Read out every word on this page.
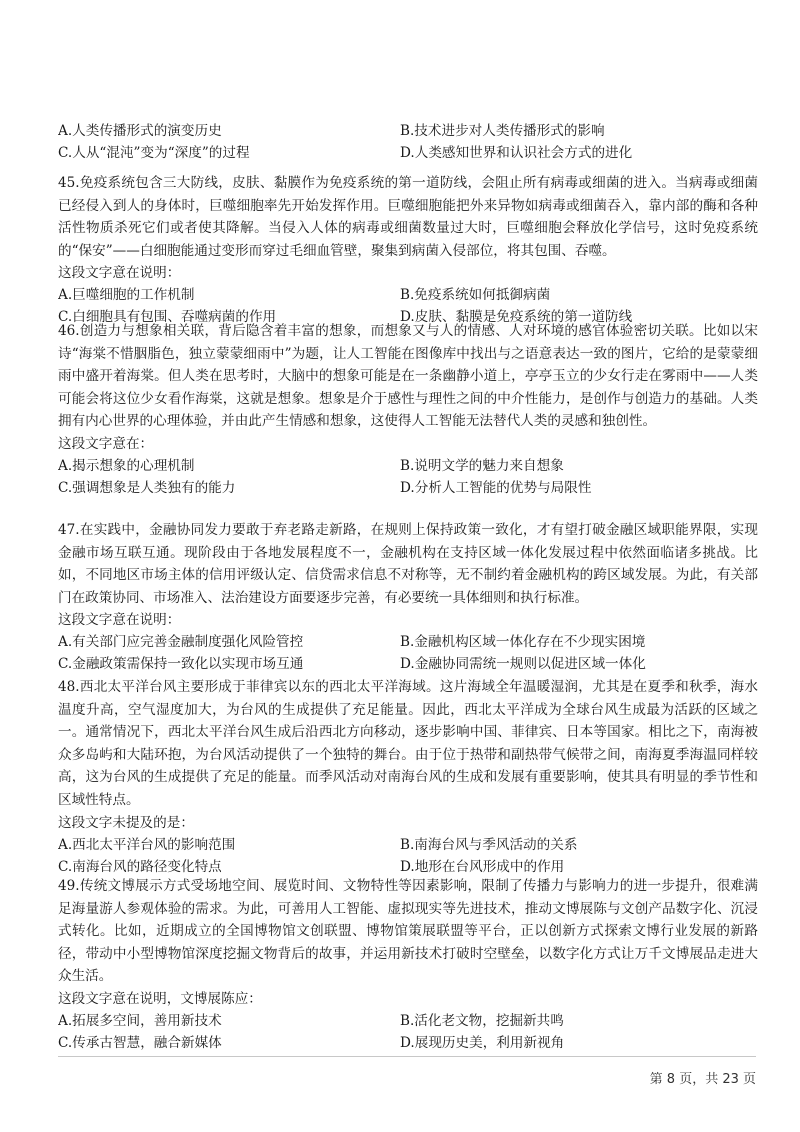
A.人类传播形式的演变历史	B.技术进步对人类传播形式的影响
C.人从“混沌”变为“深度”的过程	D.人类感知世界和认识社会方式的进化

45.免疫系统包含三大防线，皮肤、黏膜作为免疫系统的第一道防线，会阻止所有病毒或细菌的进入。当病毒或细菌已经侵入到人的身体时，巨噬细胞率先开始发挥作用。巨噬细胞能把外来异物如病毒或细菌吞入，靠内部的酶和各种活性物质杀死它们或者使其降解。当侵入人体的病毒或细菌数量过大时，巨噬细胞会释放化学信号，这时免疫系统的“保安”——白细胞能通过变形而穿过毛细血管壁，聚集到病菌入侵部位，将其包围、吞噬。

这段文字意在说明：
A.巨噬细胞的工作机制	B.免疫系统如何抵御病菌
C.白细胞具有包围、吞噬病菌的作用	D.皮肤、黏膜是免疫系统的第一道防线

46.创造力与想象相关联，背后隐含着丰富的想象，而想象又与人的情感、人对环境的感官体验密切关联。比如以宋诗“海棠不惜胭脂色，独立蒙蒙细雨中”为题，让人工智能在图像库中找出与之语意表达一致的图片，它给的是蒙蒙细雨中盛开着海棠。但人类在思考时，大脑中的想象可能是在一条幽静小道上，亭亭玉立的少女行走在雾雨中——人类可能会将这位少女看作海棠，这就是想象。想象是介于感性与理性之间的中介性能力，是创作与创造力的基础。人类拥有内心世界的心理体验，并由此产生情感和想象，这使得人工智能无法替代人类的灵感和独创性。

这段文字意在：
A.揭示想象的心理机制	B.说明文学的魅力来自想象
C.强调想象是人类独有的能力	D.分析人工智能的优势与局限性

47.在实践中，金融协同发力要敢于弃老路走新路，在规则上保持政策一致化，才有望打破金融区域职能界限，实现金融市场互联互通。现阶段由于各地发展程度不一，金融机构在支持区域一体化发展过程中依然面临诸多挑战。比如，不同地区市场主体的信用评级认定、信贷需求信息不对称等，无不制约着金融机构的跨区域发展。为此，有关部门在政策协同、市场准入、法治建设方面要逐步完善，有必要统一具体细则和执行标准。

这段文字意在说明：
A.有关部门应完善金融制度强化风险管控	B.金融机构区域一体化存在不少现实困境
C.金融政策需保持一致化以实现市场互通	D.金融协同需统一规则以促进区域一体化

48.西北太平洋台风主要形成于菲律宾以东的西北太平洋海域。这片海域全年温暖湿润，尤其是在夏季和秋季，海水温度升高，空气湿度加大，为台风的生成提供了充足能量。因此，西北太平洋成为全球台风生成最为活跃的区域之一。通常情况下，西北太平洋台风生成后沿西北方向移动，逐步影响中国、菲律宾、日本等国家。相比之下，南海被众多岛屿和大陆环抱，为台风活动提供了一个独特的舞台。由于位于热带和副热带气候带之间，南海夏季海温同样较高，这为台风的生成提供了充足的能量。而季风活动对南海台风的生成和发展有重要影响，使其具有明显的季节性和区域性特点。

这段文字未提及的是：
A.西北太平洋台风的影响范围	B.南海台风与季风活动的关系
C.南海台风的路径变化特点	D.地形在台风形成中的作用

49.传统文博展示方式受场地空间、展览时间、文物特性等因素影响，限制了传播力与影响力的进一步提升，很难满足海量游人参观体验的需求。为此，可善用人工智能、虚拟现实等先进技术，推动文博展陈与文创产品数字化、沉浸式转化。比如，近期成立的全国博物馆文创联盟、博物馆策展联盟等平台，正以创新方式探索文博行业发展的新路径，带动中小型博物馆深度挖掘文物背后的故事，并运用新技术打破时空壁垒，以数字化方式让万千文博展品走进大众生活。

这段文字意在说明，文博展陈应：
A.拓展多空间，善用新技术	B.活化老文物，挖掘新共鸣
C.传承古智慧，融合新媒体	D.展现历史美，利用新视角
第 8 页，共 23 页
